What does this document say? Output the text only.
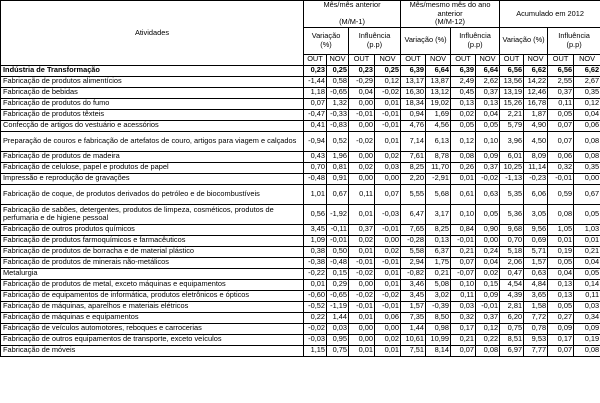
Atividades	Mês/mês anterior

(M/M-1)				Mês/mesmo mês do ano anterior
(M/M-12)				Acumulado em 2012			
	Variação (%)		Influência (p.p)		Variação (%)		Influência (p.p)		Variação (%)		Influência (p.p)	
	OUT	NOV	OUT	NOV	OUT	NOV	OUT	NOV	OUT	NOV	OUT	NOV
Indústria de Transformação	0,23	0,25	0,23	0,25	6,39	6,64	6,39	6,64	6,56	6,62	6,56	6,62
Fabricação de produtos alimentícios	-1,44	0,58	-0,29	0,12	13,17	13,87	2,49	2,62	13,56	14,22	2,55	2,67
Fabricação de bebidas	1,18	-0,65	0,04	-0,02	16,30	13,12	0,45	0,37	13,19	12,46	0,37	0,35
Fabricação de produtos do fumo	0,07	1,32	0,00	0,01	18,34	19,02	0,13	0,13	15,26	16,78	0,11	0,12
Fabricação de produtos têxteis	-0,47	-0,33	-0,01	-0,01	0,94	1,69	0,02	0,04	2,21	1,87	0,05	0,04
Confecção de artigos do vestuário e acessórios	0,41	-0,83	0,00	-0,01	4,76	4,56	0,05	0,05	5,79	4,90	0,07	0,06
Preparação de couros e fabricação de artefatos de couro, artigos para viagem e calçados	-0,94	0,52	-0,02	0,01	7,14	6,13	0,12	0,10	3,96	4,50	0,07	0,08
Fabricação de produtos de madeira	0,43	1,96	0,00	0,02	7,61	8,78	0,08	0,09	6,01	8,09	0,06	0,08
Fabricação de celulose, papel e produtos de papel	0,70	0,81	0,02	0,03	8,25	11,70	0,26	0,37	10,25	11,14	0,32	0,35
Impressão e reprodução de gravações	-0,48	0,91	0,00	0,00	2,20	-2,91	0,01	-0,02	-1,13	-0,23	-0,01	0,00
Fabricação de coque, de produtos derivados do petróleo e de biocombustíveis	1,01	0,67	0,11	0,07	5,55	5,68	0,61	0,63	5,35	6,06	0,59	0,67
Fabricação de sabões, detergentes, produtos de limpeza, cosméticos, produtos de perfumaria e de higiene pessoal	0,56	-1,92	0,01	-0,03	6,47	3,17	0,10	0,05	5,36	3,05	0,08	0,05
Fabricação de outros produtos químicos	3,45	-0,11	0,37	-0,01	7,65	8,25	0,84	0,90	9,68	9,56	1,05	1,03
Fabricação de produtos farmoquímicos e farmacêuticos	1,09	-0,01	0,02	0,00	-0,28	0,13	-0,01	0,00	0,70	0,69	0,01	0,01
Fabricação de produtos de borracha e de material plástico	0,38	0,50	0,01	0,02	5,58	6,37	0,21	0,24	5,18	5,71	0,19	0,21
Fabricação de produtos de minerais não-metálicos	-0,38	-0,48	-0,01	-0,01	2,94	1,75	0,07	0,04	2,06	1,57	0,05	0,04
Metalurgia	-0,22	0,15	-0,02	0,01	-0,82	0,21	-0,07	0,02	0,47	0,63	0,04	0,05
Fabricação de produtos de metal, exceto máquinas e equipamentos	0,01	0,29	0,00	0,01	3,46	5,08	0,10	0,15	4,54	4,84	0,13	0,14
Fabricação de equipamentos de informática, produtos eletrônicos e ópticos	-0,60	-0,65	-0,02	-0,02	3,45	3,02	0,11	0,09	4,39	3,65	0,13	0,11
Fabricação de máquinas, aparelhos e materiais elétricos	-0,52	-1,19	-0,01	-0,01	1,57	-0,39	0,03	-0,01	2,81	1,58	0,05	0,03
Fabricação de máquinas e equipamentos	0,22	1,44	0,01	0,06	7,35	8,50	0,32	0,37	6,20	7,72	0,27	0,34
Fabricação de veículos automotores, reboques e carrocerias	-0,02	0,03	0,00	0,00	1,44	0,98	0,17	0,12	0,75	0,78	0,09	0,09
Fabricação de outros equipamentos de transporte, exceto veículos	-0,03	0,95	0,00	0,02	10,61	10,99	0,21	0,22	8,51	9,53	0,17	0,19
Fabricação de móveis	1,15	0,75	0,01	0,01	7,51	8,14	0,07	0,08	6,97	7,77	0,07	0,08
